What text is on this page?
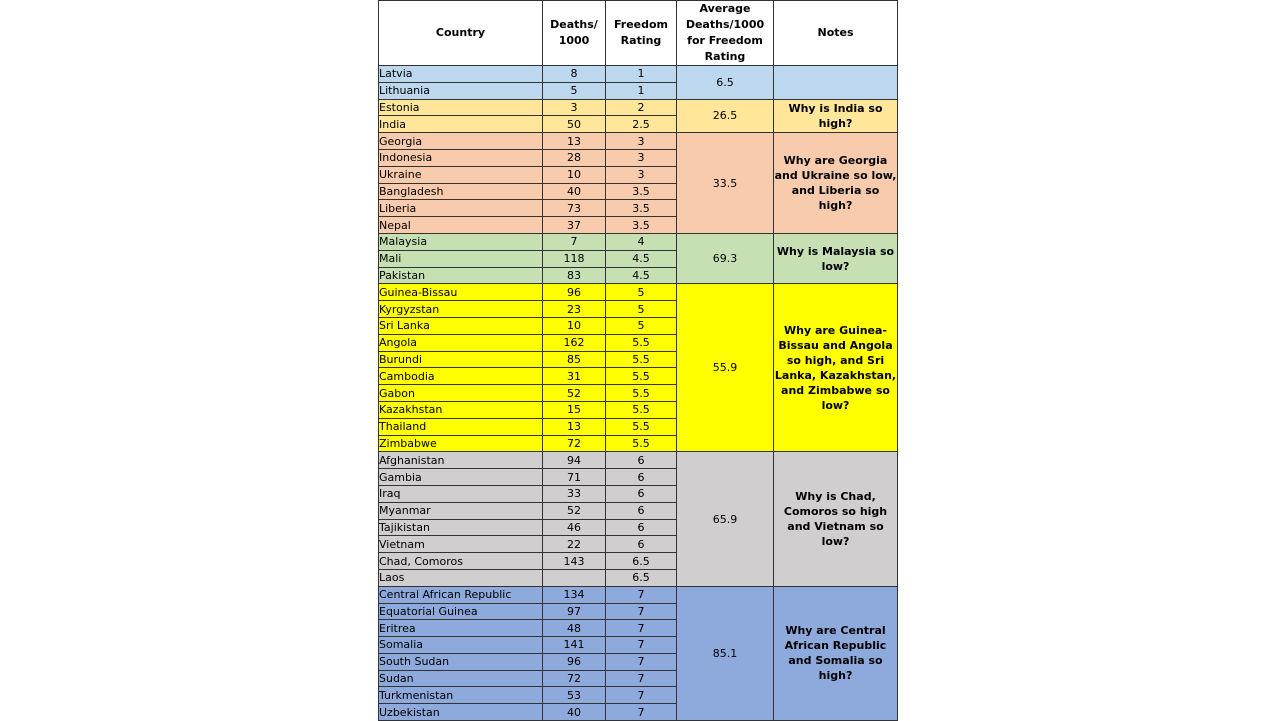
Country	Deaths/ 1000	Freedom Rating	Average Deaths/1000 for Freedom Rating	Notes
Latvia	8	1	6.5	
Lithuania	5	1		
Estonia	3	2	26.5	Why is India so high?
India	50	2.5		
Georgia	13	3	33.5	Why are Georgia and Ukraine so low, and Liberia so high?
Indonesia	28	3		
Ukraine	10	3		
Bangladesh	40	3.5		
Liberia	73	3.5		
Nepal	37	3.5		
Malaysia	7	4	69.3	Why is Malaysia so low?
Mali	118	4.5		
Pakistan	83	4.5		
Guinea-Bissau	96	5	55.9	Why are Guinea-Bissau and Angola so high, and Sri Lanka, Kazakhstan, and Zimbabwe so low?
Kyrgyzstan	23	5		
Sri Lanka	10	5		
Angola	162	5.5		
Burundi	85	5.5		
Cambodia	31	5.5		
Gabon	52	5.5		
Kazakhstan	15	5.5		
Thailand	13	5.5		
Zimbabwe	72	5.5		
Afghanistan	94	6	65.9	Why is Chad, Comoros so high and Vietnam so low?
Gambia	71	6		
Iraq	33	6		
Myanmar	52	6		
Tajikistan	46	6		
Vietnam	22	6		
Chad, Comoros	143	6.5		
Laos		6.5		
Central African Republic	134	7	85.1	Why are Central African Republic and Somalia so high?
Equatorial Guinea	97	7		
Eritrea	48	7		
Somalia	141	7		
South Sudan	96	7		
Sudan	72	7		
Turkmenistan	53	7		
Uzbekistan	40	7		
